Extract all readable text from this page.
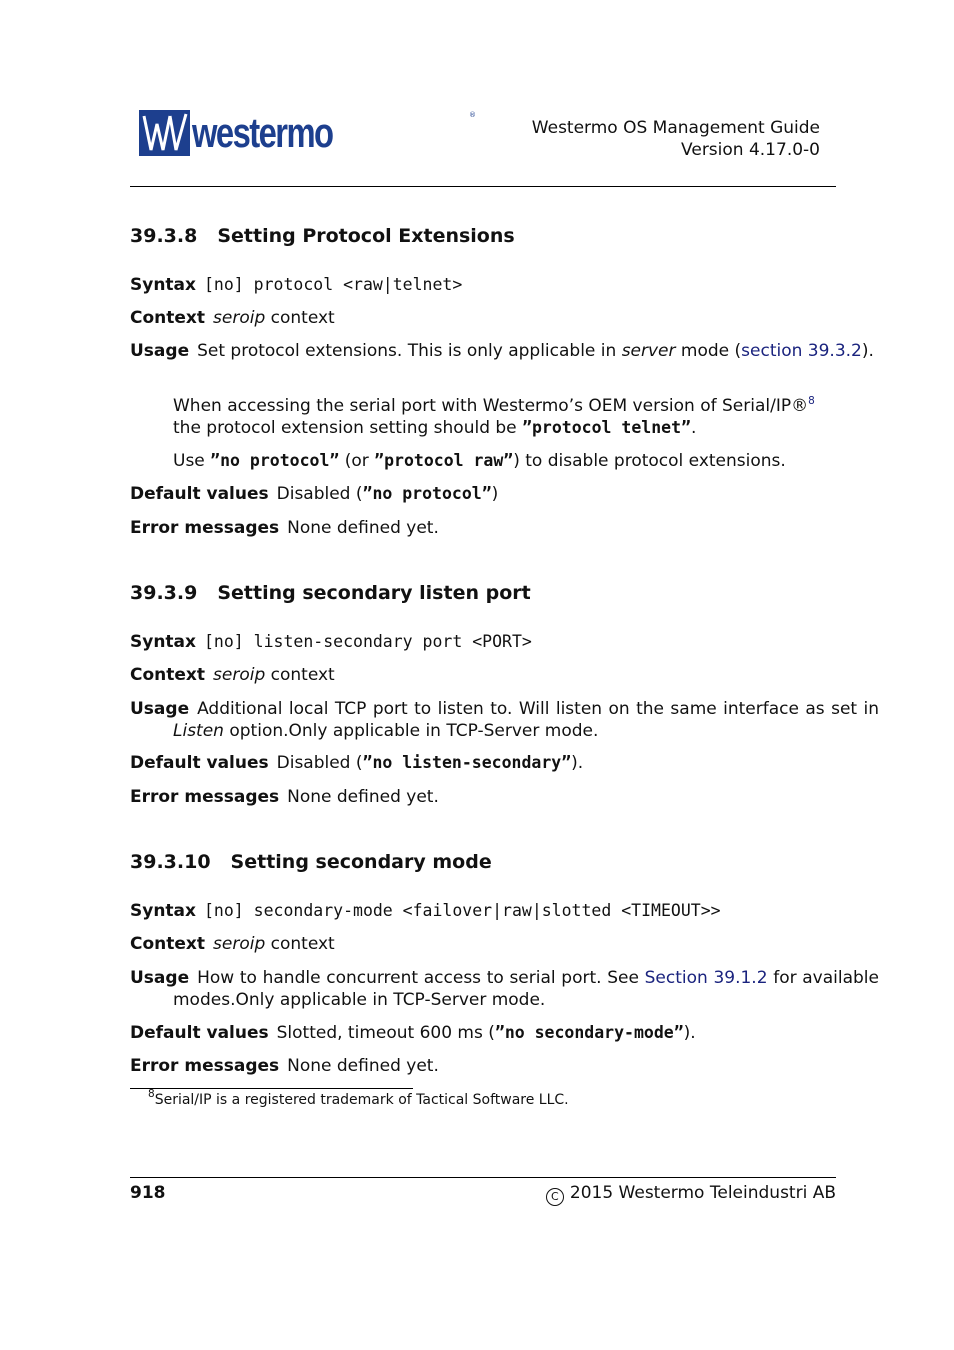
westermo	®
Westermo OS Management Guide
Version 4.17.0-0
39.3.8 Setting Protocol Extensions
Syntax [no] protocol <raw|telnet>
Context seroip context
Usage Set protocol extensions. This is only applicable in server mode (section 39.3.2).
When accessing the serial port with Westermo’s OEM version of Serial/IP®$^8$
the protocol extension setting should be ”protocol telnet”.
Use ”no protocol” (or ”protocol raw”) to disable protocol extensions.
Default values Disabled (”no protocol”)
Error messages None defined yet.
39.3.9 Setting secondary listen port
Syntax [no] listen-secondary port <PORT>
Context seroip context
Usage Additional local TCP port to listen to. Will listen on the same interface as set in Listen option.Only applicable in TCP-Server mode.
Default values Disabled (”no listen-secondary”).
Error messages None defined yet.
39.3.10 Setting secondary mode
Syntax [no] secondary-mode <failover|raw|slotted <TIMEOUT>>
Context seroip context
Usage How to handle concurrent access to serial port. See Section 39.1.2 for available modes.Only applicable in TCP-Server mode.
Default values Slotted, timeout 600 ms (”no secondary-mode”).
Error messages None defined yet.
$^8$Serial/IP is a registered trademark of Tactical Software LLC.
918	C 2015 Westermo Teleindustri AB
